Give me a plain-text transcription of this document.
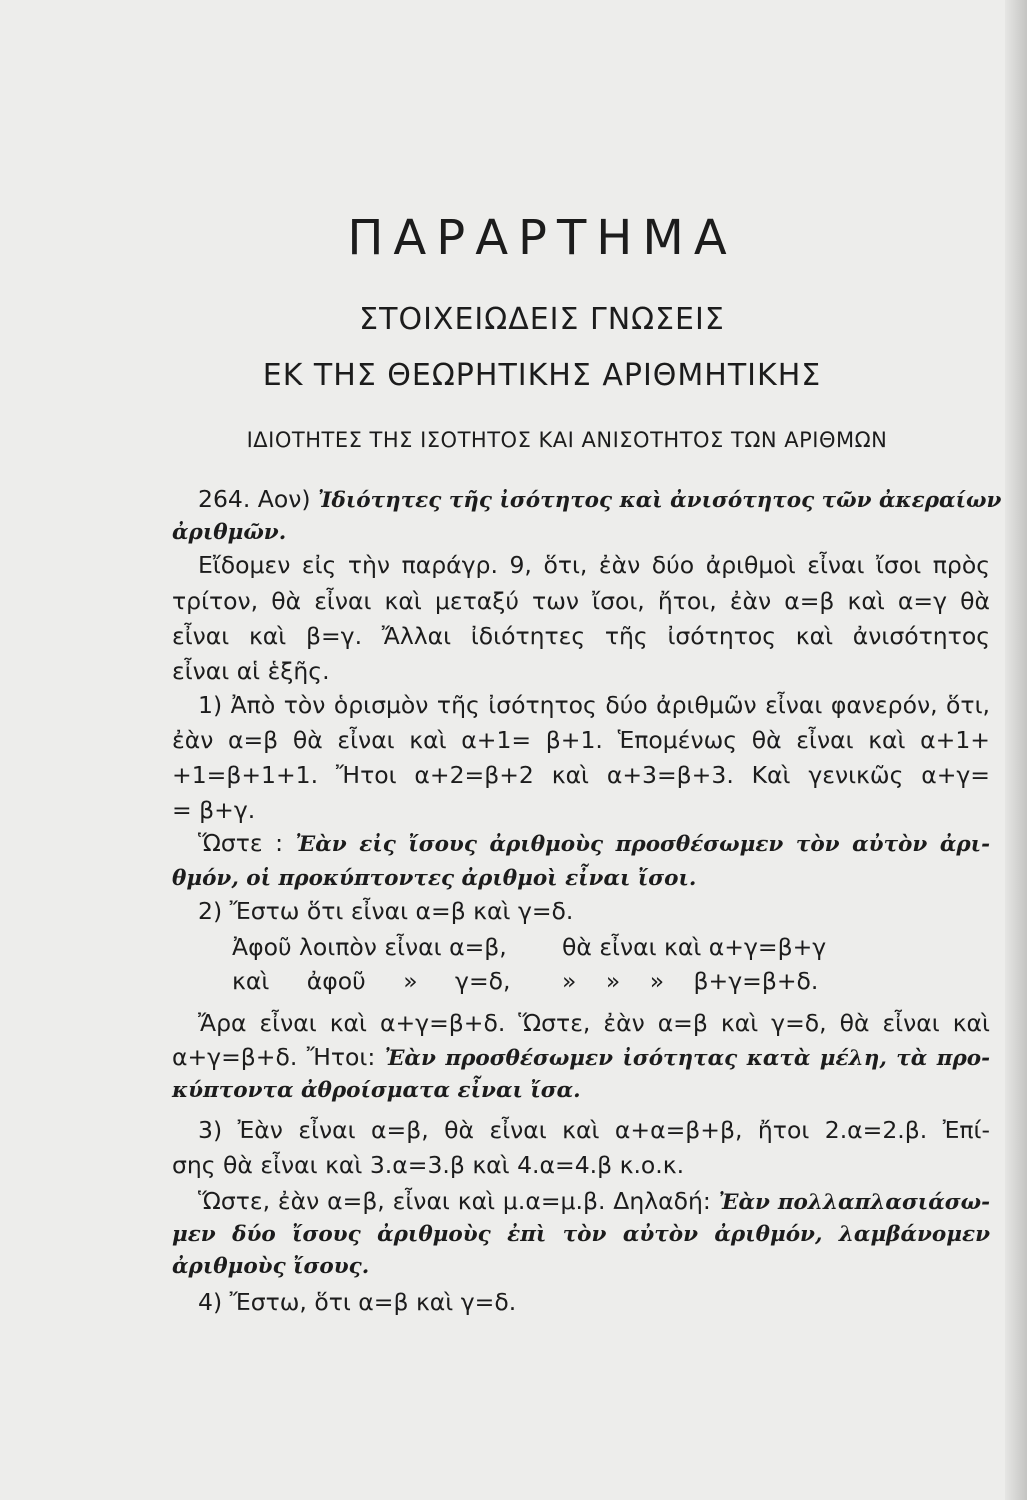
ΠΑΡΑΡΤΗΜΑ
ΣΤΟΙΧΕΙΩΔΕΙΣ ΓΝΩΣΕΙΣ
ΕΚ ΤΗΣ ΘΕΩΡΗΤΙΚΗΣ ΑΡΙΘΜΗΤΙΚΗΣ
ΙΔΙΟΤΗΤΕΣ ΤΗΣ ΙΣΟΤΗΤΟΣ ΚΑΙ ΑΝΙΣΟΤΗΤΟΣ ΤΩΝ ΑΡΙΘΜΩΝ
264. Αον) Ἰδιότητες τῆς ἰσότητος καὶ ἀνισότητος τῶν ἀκεραίων
ἀριθμῶν.
Εἴδομεν εἰς τὴν παράγρ. 9, ὅτι, ἐὰν δύο ἀριθμοὶ εἶναι ἴσοι πρὸς
τρίτον, θὰ εἶναι καὶ μεταξύ των ἴσοι, ἤτοι, ἐὰν α=β καὶ α=γ θὰ
εἶναι καὶ β=γ. Ἄλλαι ἰδιότητες τῆς ἰσότητος καὶ ἀνισότητος
εἶναι αἱ ἑξῆς.
1) Ἀπὸ τὸν ὁρισμὸν τῆς ἰσότητος δύο ἀριθμῶν εἶναι φανερόν, ὅτι,
ἐὰν α=β θὰ εἶναι καὶ α+1= β+1. Ἑπομένως θὰ εἶναι καὶ α+1+
+1=β+1+1. Ἤτοι α+2=β+2 καὶ α+3=β+3. Καὶ γενικῶς α+γ=
= β+γ.
Ὥστε : Ἐὰν εἰς ἴσους ἀριθμοὺς προσθέσωμεν τὸν αὐτὸν ἀρι-
θμόν, οἱ προκύπτοντες ἀριθμοὶ εἶναι ἴσοι.
2) Ἔστω ὅτι εἶναι α=β καὶ γ=δ.
Ἀφοῦ λοιπὸν εἶναι α=β, θὰ εἶναι καὶ α+γ=β+γ
καὶ ἀφοῦ » γ=δ, » » » β+γ=β+δ.
Ἄρα εἶναι καὶ α+γ=β+δ. Ὥστε, ἐὰν α=β καὶ γ=δ, θὰ εἶναι καὶ
α+γ=β+δ. Ἤτοι: Ἐὰν προσθέσωμεν ἰσότητας κατὰ μέλη, τὰ προ-
κύπτοντα ἀθροίσματα εἶναι ἴσα.
3) Ἐὰν εἶναι α=β, θὰ εἶναι καὶ α+α=β+β, ἤτοι 2.α=2.β. Ἐπί-
σης θὰ εἶναι καὶ 3.α=3.β καὶ 4.α=4.β κ.ο.κ.
Ὥστε, ἐὰν α=β, εἶναι καὶ μ.α=μ.β. Δηλαδή: Ἐὰν πολλαπλασιάσω-
μεν δύο ἴσους ἀριθμοὺς ἐπὶ τὸν αὐτὸν ἀριθμόν, λαμβάνομεν
ἀριθμοὺς ἴσους.
4) Ἔστω, ὅτι α=β καὶ γ=δ.
